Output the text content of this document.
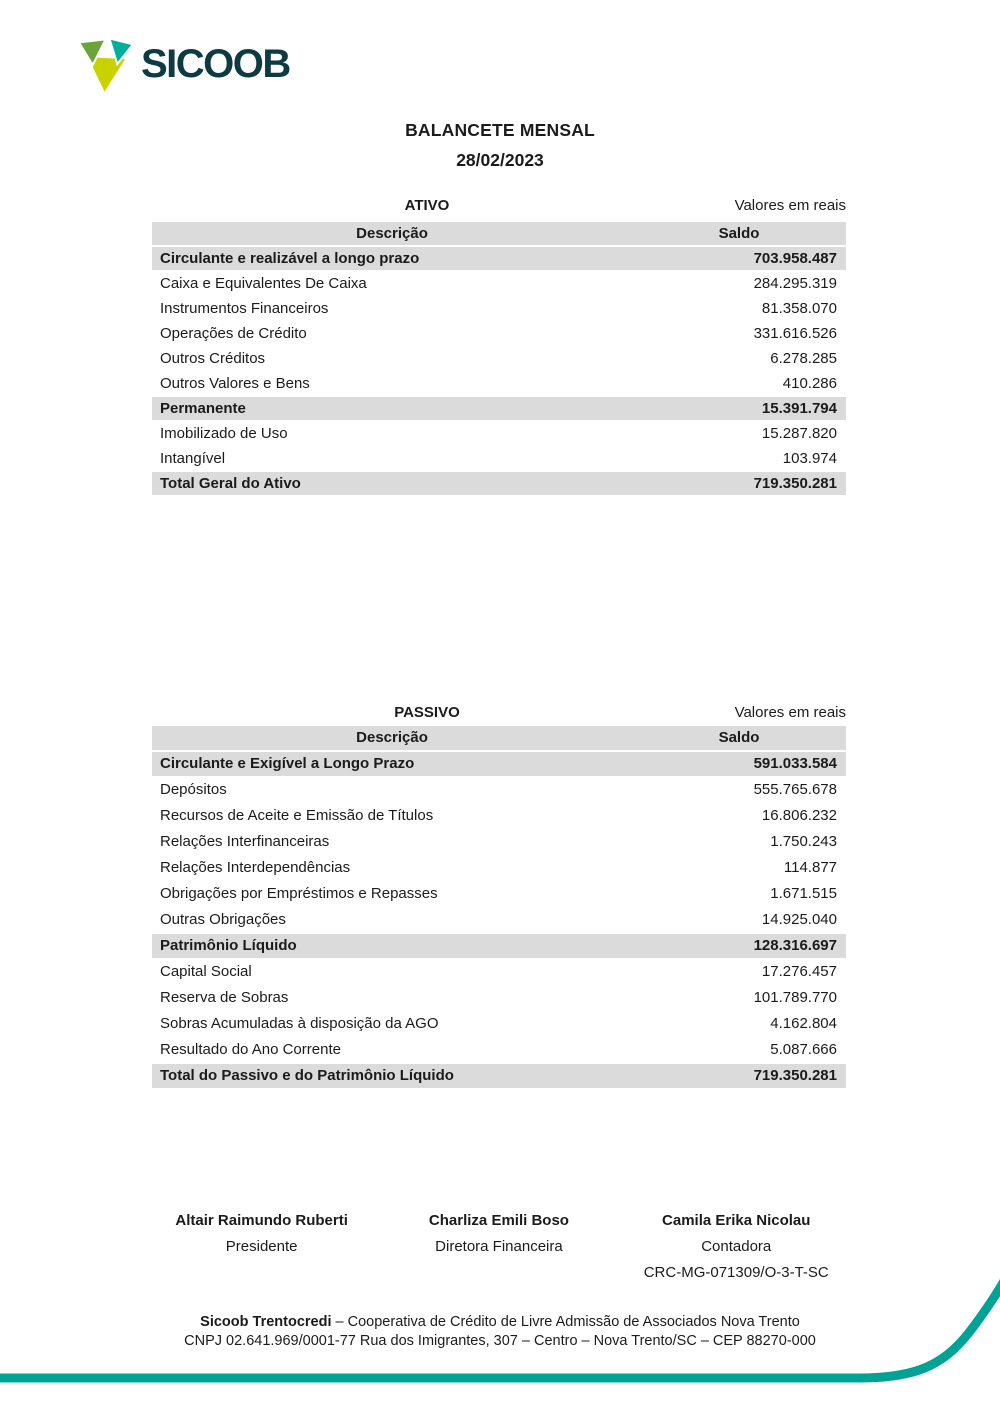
SICOOB
BALANCETE MENSAL
28/02/2023
ATIVO	Valores em reais
Descrição	Saldo
Circulante e realizável a longo prazo	703.958.487
Caixa e Equivalentes De Caixa	284.295.319
Instrumentos Financeiros	81.358.070
Operações de Crédito	331.616.526
Outros Créditos	6.278.285
Outros Valores e Bens	410.286
Permanente	15.391.794
Imobilizado de Uso	15.287.820
Intangível	103.974
Total Geral do Ativo	719.350.281
PASSIVO	Valores em reais
Descrição	Saldo
Circulante e Exigível a Longo Prazo	591.033.584
Depósitos	555.765.678
Recursos de Aceite e Emissão de Títulos	16.806.232
Relações Interfinanceiras	1.750.243
Relações Interdependências	114.877
Obrigações por Empréstimos e Repasses	1.671.515
Outras Obrigações	14.925.040
Patrimônio Líquido	128.316.697
Capital Social	17.276.457
Reserva de Sobras	101.789.770
Sobras Acumuladas à disposição da AGO	4.162.804
Resultado do Ano Corrente	5.087.666
Total do Passivo e do Patrimônio Líquido	719.350.281
Altair Raimundo Ruberti
Presidente
Charliza Emili Boso
Diretora Financeira
Camila Erika Nicolau
Contadora
CRC-MG-071309/O-3-T-SC
Sicoob Trentocredi – Cooperativa de Crédito de Livre Admissão de Associados Nova Trento
CNPJ 02.641.969/0001-77 Rua dos Imigrantes, 307 – Centro – Nova Trento/SC – CEP 88270-000
